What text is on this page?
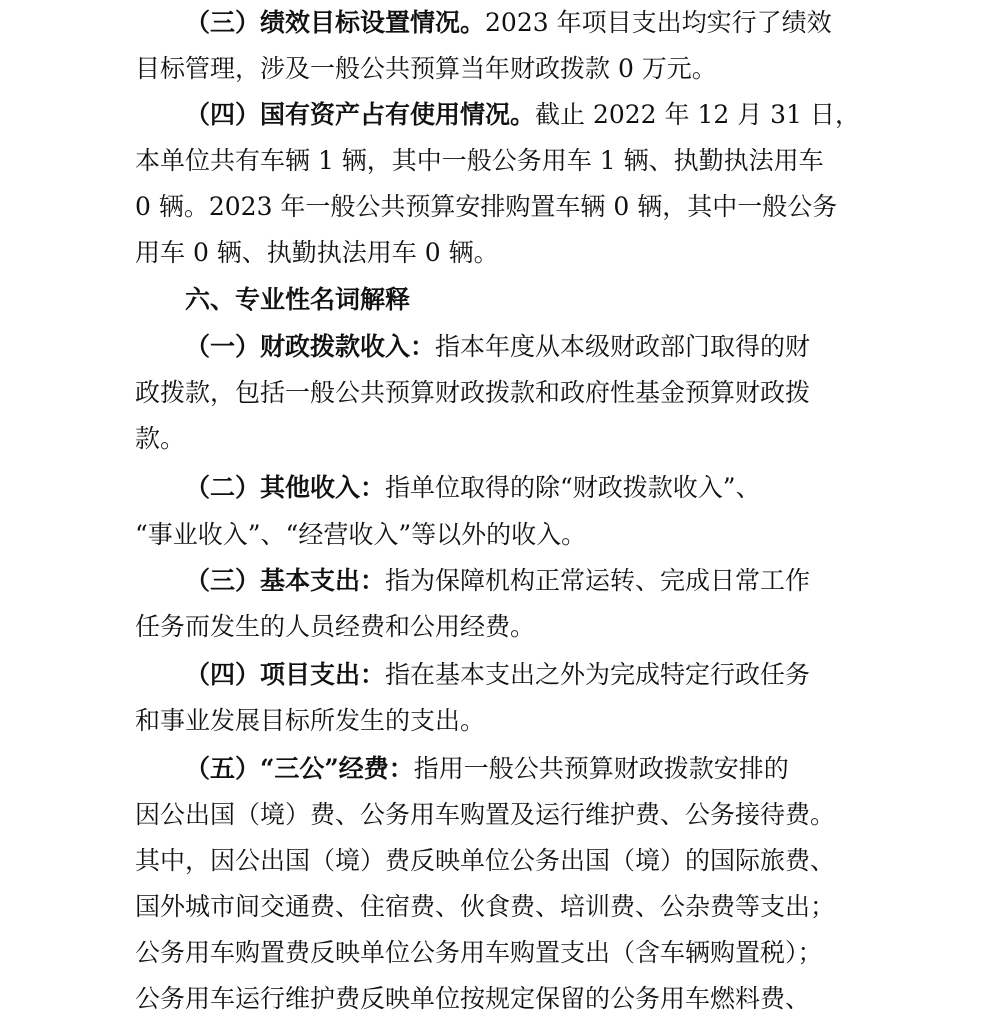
（三）绩效目标设置情况。2023 年项目支出均实行了绩效
目标管理，涉及一般公共预算当年财政拨款 0 万元。
（四）国有资产占有使用情况。截止 2022 年 12 月 31 日，
本单位共有车辆 1 辆，其中一般公务用车 1 辆、执勤执法用车
0 辆。2023 年一般公共预算安排购置车辆 0 辆，其中一般公务
用车 0 辆、执勤执法用车 0 辆。
六、专业性名词解释
（一）财政拨款收入：指本年度从本级财政部门取得的财
政拨款，包括一般公共预算财政拨款和政府性基金预算财政拨
款。
（二）其他收入：指单位取得的除“财政拨款收入”、
“事业收入”、“经营收入”等以外的收入。
（三）基本支出：指为保障机构正常运转、完成日常工作
任务而发生的人员经费和公用经费。
（四）项目支出：指在基本支出之外为完成特定行政任务
和事业发展目标所发生的支出。
（五）“三公”经费：指用一般公共预算财政拨款安排的
因公出国（境）费、公务用车购置及运行维护费、公务接待费。
其中，因公出国（境）费反映单位公务出国（境）的国际旅费、
国外城市间交通费、住宿费、伙食费、培训费、公杂费等支出；
公务用车购置费反映单位公务用车购置支出（含车辆购置税）；
公务用车运行维护费反映单位按规定保留的公务用车燃料费、
